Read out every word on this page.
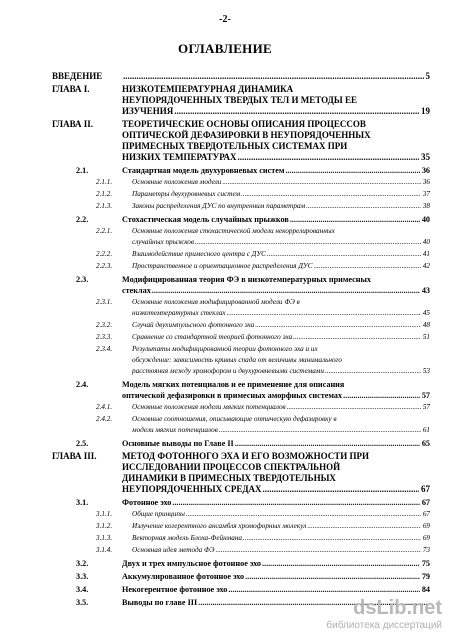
-2-
ОГЛАВЛЕНИЕ
ВВЕДЕНИЕ .....	5
ГЛАВА I.	НИЗКОТЕМПЕРАТУРНАЯ ДИНАМИКА
НЕУПОРЯДОЧЕННЫХ ТВЕРДЫХ ТЕЛ И МЕТОДЫ ЕЕ
ИЗУЧЕНИЯ .....	19
ГЛАВА II.	ТЕОРЕТИЧЕСКИЕ ОСНОВЫ ОПИСАНИЯ ПРОЦЕССОВ
ОПТИЧЕСКОЙ ДЕФАЗИРОВКИ В НЕУПОРЯДОЧЕННЫХ
ПРИМЕСНЫХ ТВЕРДОТЕЛЬНЫХ СИСТЕМАХ ПРИ
НИЗКИХ ТЕМПЕРАТУРАХ .....	35
2.1.	Стандартная модель двухуровневых систем .....	36
2.1.1.	Основные положения модели .....	36
2.1.2.	Параметры двухуровневых систем .....	37
2.1.3.	Законы распределения ДУС по внутренним параметрам .....	38
2.2.	Стохастическая модель случайных прыжков .....	40
2.2.1.	Основные положения стохастической модели некоррелированных
случайных прыжков .....	40
2.2.2.	Взаимодействие примесного центра с ДУС .....	41
2.2.3.	Пространственное и ориентационное распределения ДУС .....	42
2.3.	Модифицированная теория ФЭ в низкотемпературных примесных
стеклах .....	43
2.3.1.	Основные положения модифицированной модели ФЭ в
низкотемпературных стеклах .....	45
2.3.2.	Случай двухимпульсного фотонного эха .....	48
2.3.3.	Сравнение со стандартной теорией фотонного эха .....	51
2.3.4.	Результаты модифицированной теории фотонного эха и их
обсуждение: зависимость кривых спада от величины минимального
расстояния между хромофором и двухуровневыми системами .....	53
2.4.	Модель мягких потенциалов и ее применение для описания
оптической дефазировки в примесных аморфных системах .....	57
2.4.1.	Основные положения модели мягких потенциалов .....	57
2.4.2.	Основные соотношения, описывающие оптическую дефазировку в
модели мягких потенциалов .....	61
2.5.	Основные выводы по Главе II .....	65
ГЛАВА III.	МЕТОД ФОТОННОГО ЭХА И ЕГО ВОЗМОЖНОСТИ ПРИ
ИССЛЕДОВАНИИ ПРОЦЕССОВ СПЕКТРАЛЬНОЙ
ДИНАМИКИ В ПРИМЕСНЫХ ТВЕРДОТЕЛЬНЫХ
НЕУПОРЯДОЧЕННЫХ СРЕДАХ .....	67
3.1.	Фотонное эхо .....	67
3.1.1.	Общие принципы .....	67
3.1.2.	Излучение когерентного ансамбля хромофорных молекул .....	69
3.1.3.	Векторная модель Блоха-Фейнмана .....	69
3.1.4.	Основная идея метода ФЭ .....	73
3.2.	Двух и трех импульсное фотонное эхо .....	75
3.3.	Аккумулированное фотонное эхо .....	79
3.4.	Некогерентное фотонное эхо .....	84
3.5.	Выводы по главе III .....	dsLib.net
библиотека диссертаций
